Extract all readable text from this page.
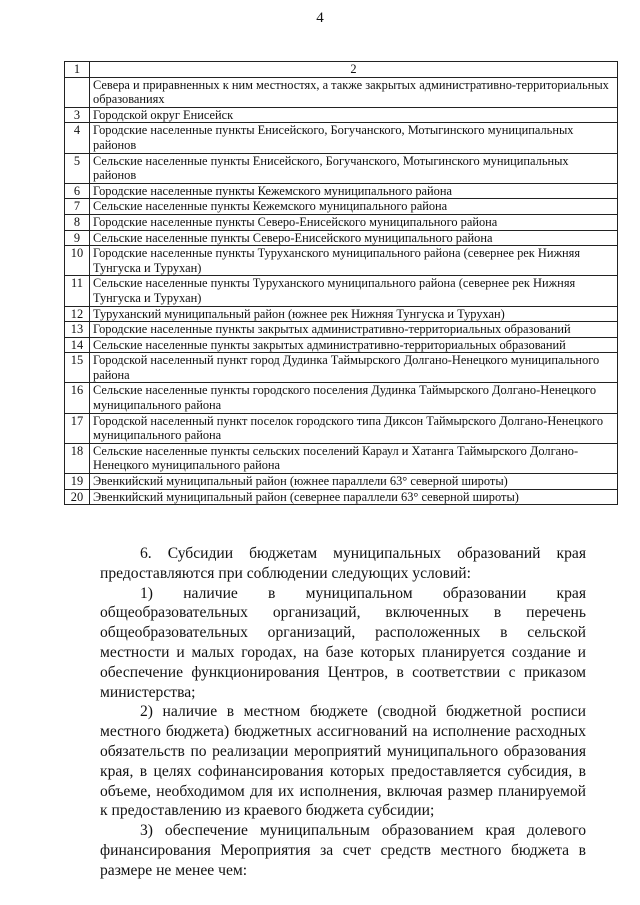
4
1	2
	Севера и приравненных к ним местностях, а также закрытых административно-территориальных образованиях
3	Городской округ Енисейск
4	Городские населенные пункты Енисейского, Богучанского, Мотыгинского муниципальных районов
5	Сельские населенные пункты Енисейского, Богучанского, Мотыгинского муниципальных районов
6	Городские населенные пункты Кежемского муниципального района
7	Сельские населенные пункты Кежемского муниципального района
8	Городские населенные пункты Северо-Енисейского муниципального района
9	Сельские населенные пункты Северо-Енисейского муниципального района
10	Городские населенные пункты Туруханского муниципального района (севернее рек Нижняя Тунгуска и Турухан)
11	Сельские населенные пункты Туруханского муниципального района (севернее рек Нижняя Тунгуска и Турухан)
12	Туруханский муниципальный район (южнее рек Нижняя Тунгуска и Турухан)
13	Городские населенные пункты закрытых административно-территориальных образований
14	Сельские населенные пункты закрытых административно-территориальных образований
15	Городской населенный пункт город Дудинка Таймырского Долгано-Ненецкого муниципального района
16	Сельские населенные пункты городского поселения Дудинка Таймырского Долгано-Ненецкого муниципального района
17	Городской населенный пункт поселок городского типа Диксон Таймырского Долгано-Ненецкого муниципального района
18	Сельские населенные пункты сельских поселений Караул и Хатанга Таймырского Долгано-Ненецкого муниципального района
19	Эвенкийский муниципальный район (южнее параллели 63° северной широты)
20	Эвенкийский муниципальный район (севернее параллели 63° северной широты)

6. Субсидии бюджетам муниципальных образований края предоставляются при соблюдении следующих условий:

1) наличие в муниципальном образовании края общеобразовательных организаций, включенных в перечень общеобразовательных организаций, расположенных в сельской местности и малых городах, на базе которых планируется создание и обеспечение функционирования Центров, в соответствии с приказом министерства;

2) наличие в местном бюджете (сводной бюджетной росписи местного бюджета) бюджетных ассигнований на исполнение расходных обязательств по реализации мероприятий муниципального образования края, в целях софинансирования которых предоставляется субсидия, в объеме, необходимом для их исполнения, включая размер планируемой к предоставлению из краевого бюджета субсидии;

3) обеспечение муниципальным образованием края долевого финансирования Мероприятия за счет средств местного бюджета в размере не менее чем:
